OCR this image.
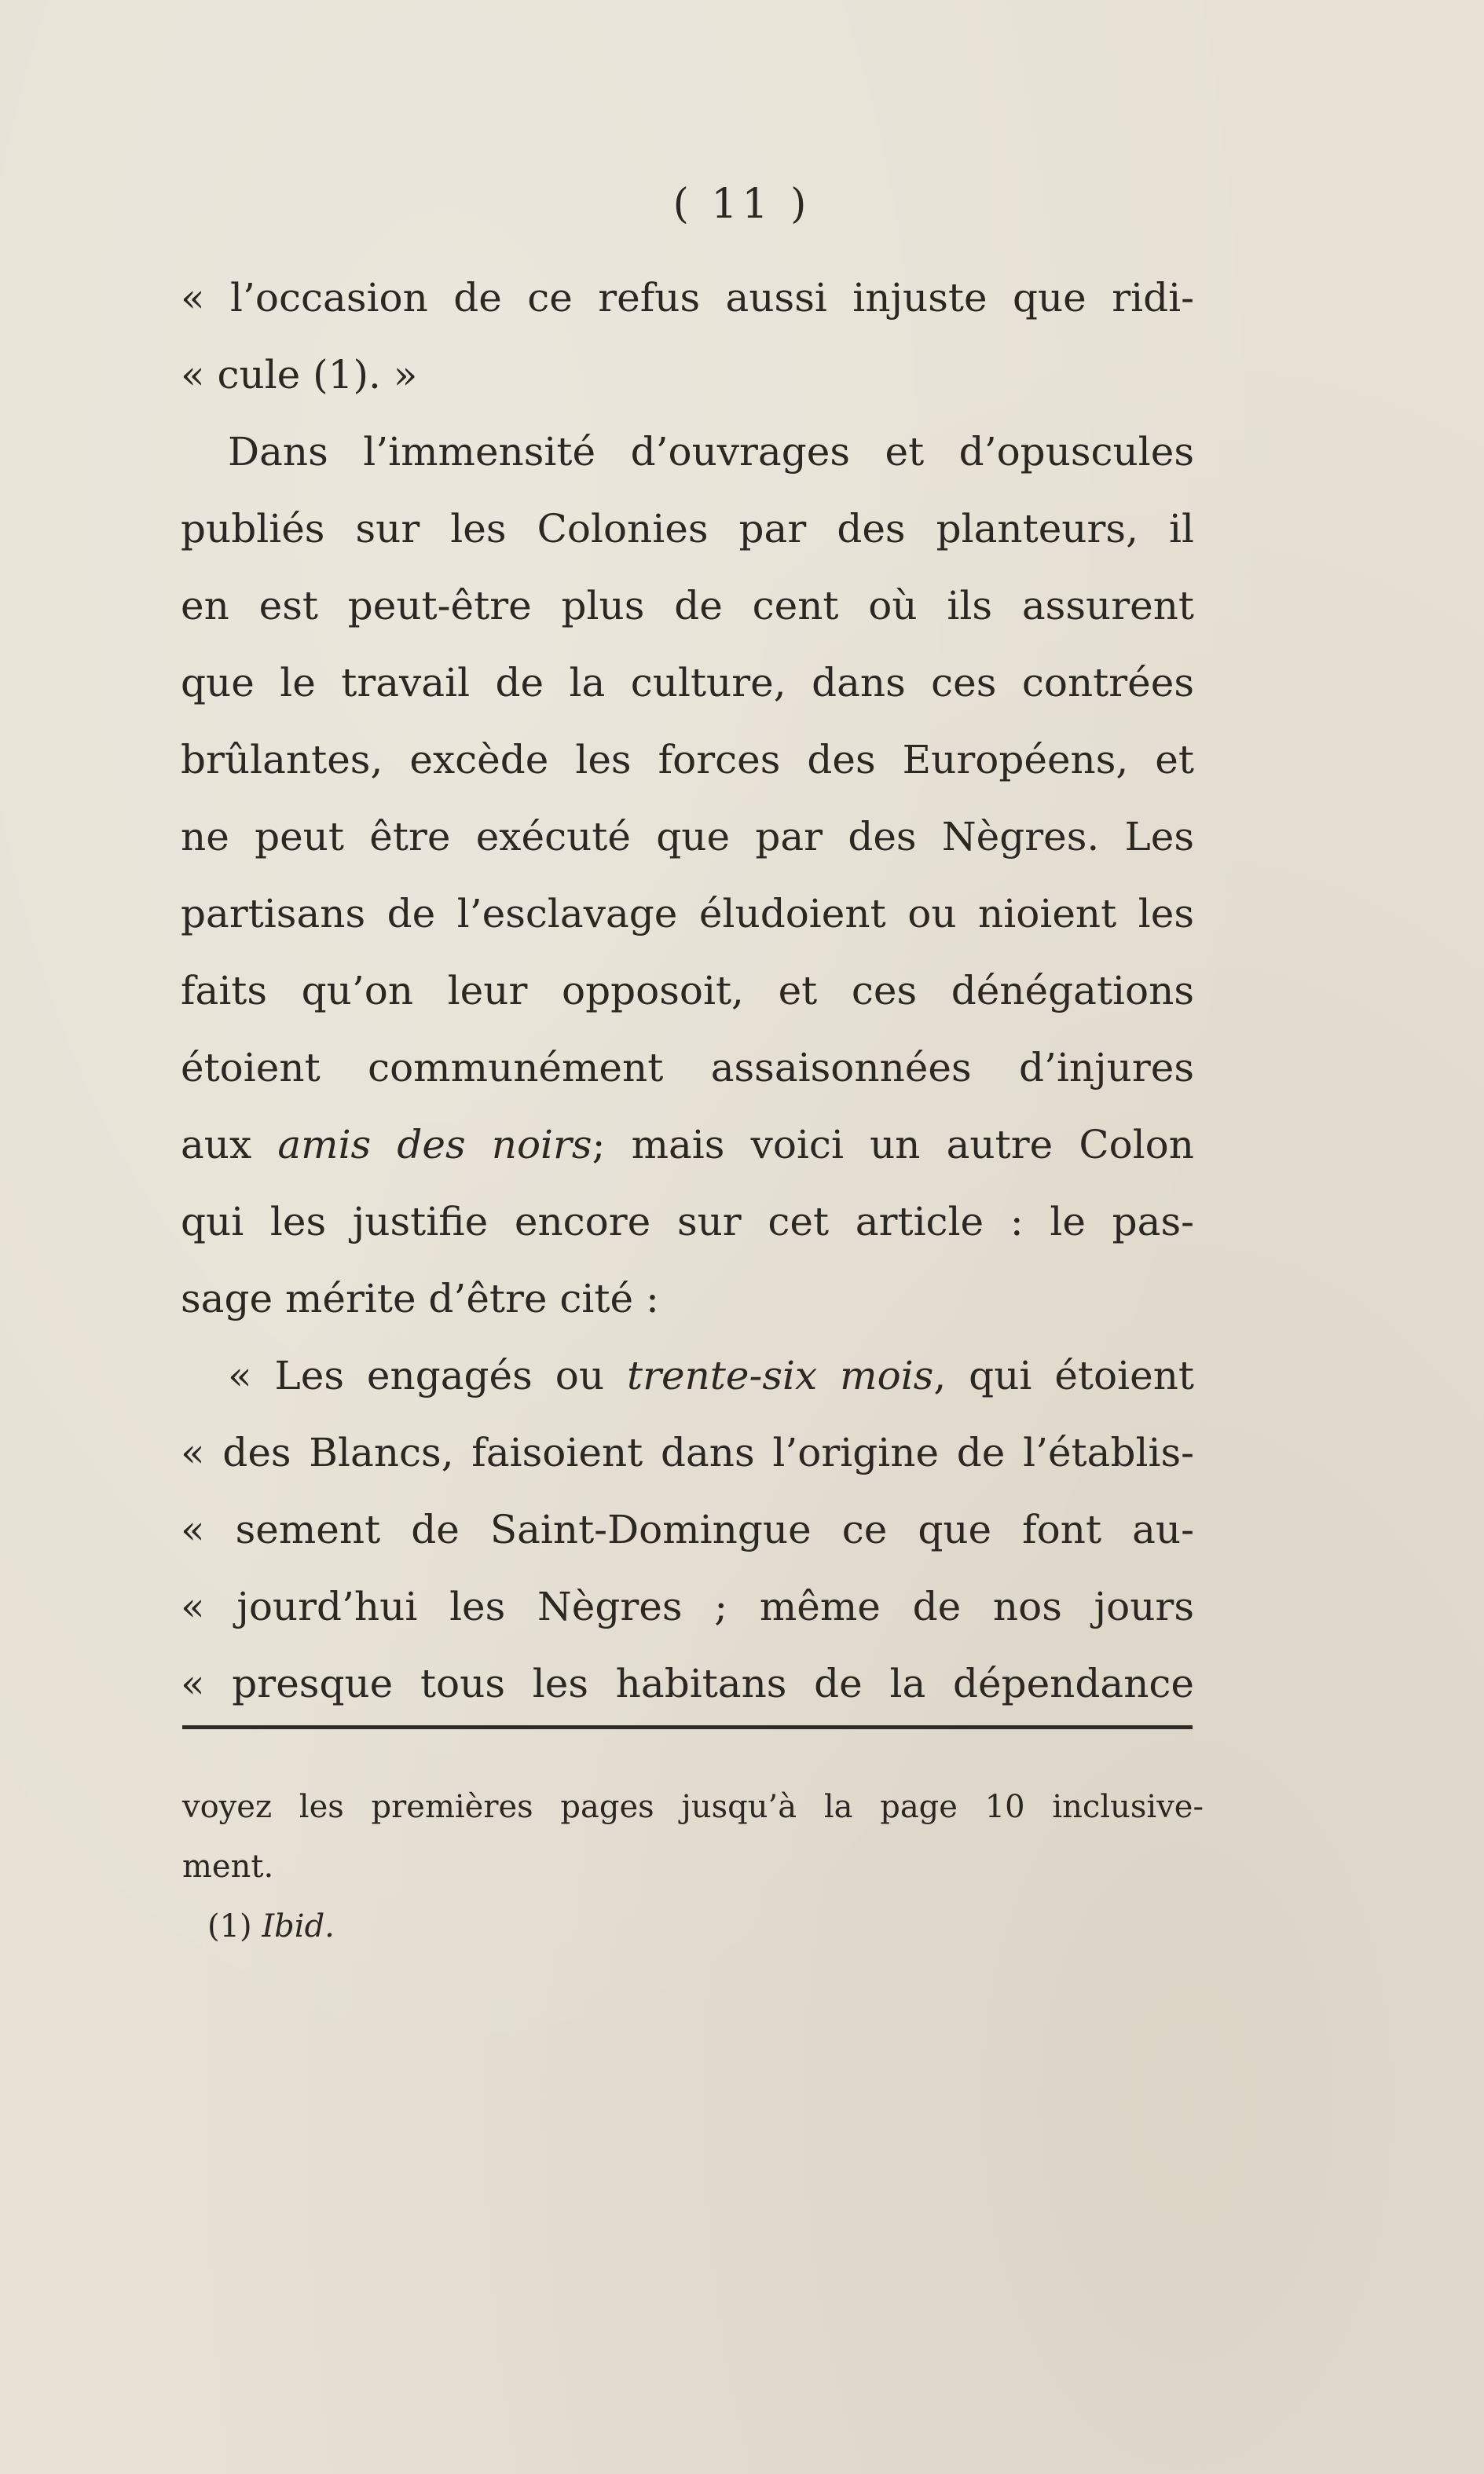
( 11 )
« l’occasion de ce refus aussi injuste que ridi-
« cule (1). »
Dans l’immensité d’ouvrages et d’opuscules
publiés sur les Colonies par des planteurs, il
en est peut-être plus de cent où ils assurent
que le travail de la culture, dans ces contrées
brûlantes, excède les forces des Européens, et
ne peut être exécuté que par des Nègres. Les
partisans de l’esclavage éludoient ou nioient les
faits qu’on leur opposoit, et ces dénégations
étoient communément assaisonnées d’injures
aux amis des noirs; mais voici un autre Colon
qui les justifie encore sur cet article : le pas-
sage mérite d’être cité :
« Les engagés ou trente-six mois, qui étoient
« des Blancs, faisoient dans l’origine de l’établis-
« sement de Saint-Domingue ce que font au-
« jourd’hui les Nègres ; même de nos jours
« presque tous les habitans de la dépendance
voyez les premières pages jusqu’à la page 10 inclusive-
ment.
(1) Ibid.
